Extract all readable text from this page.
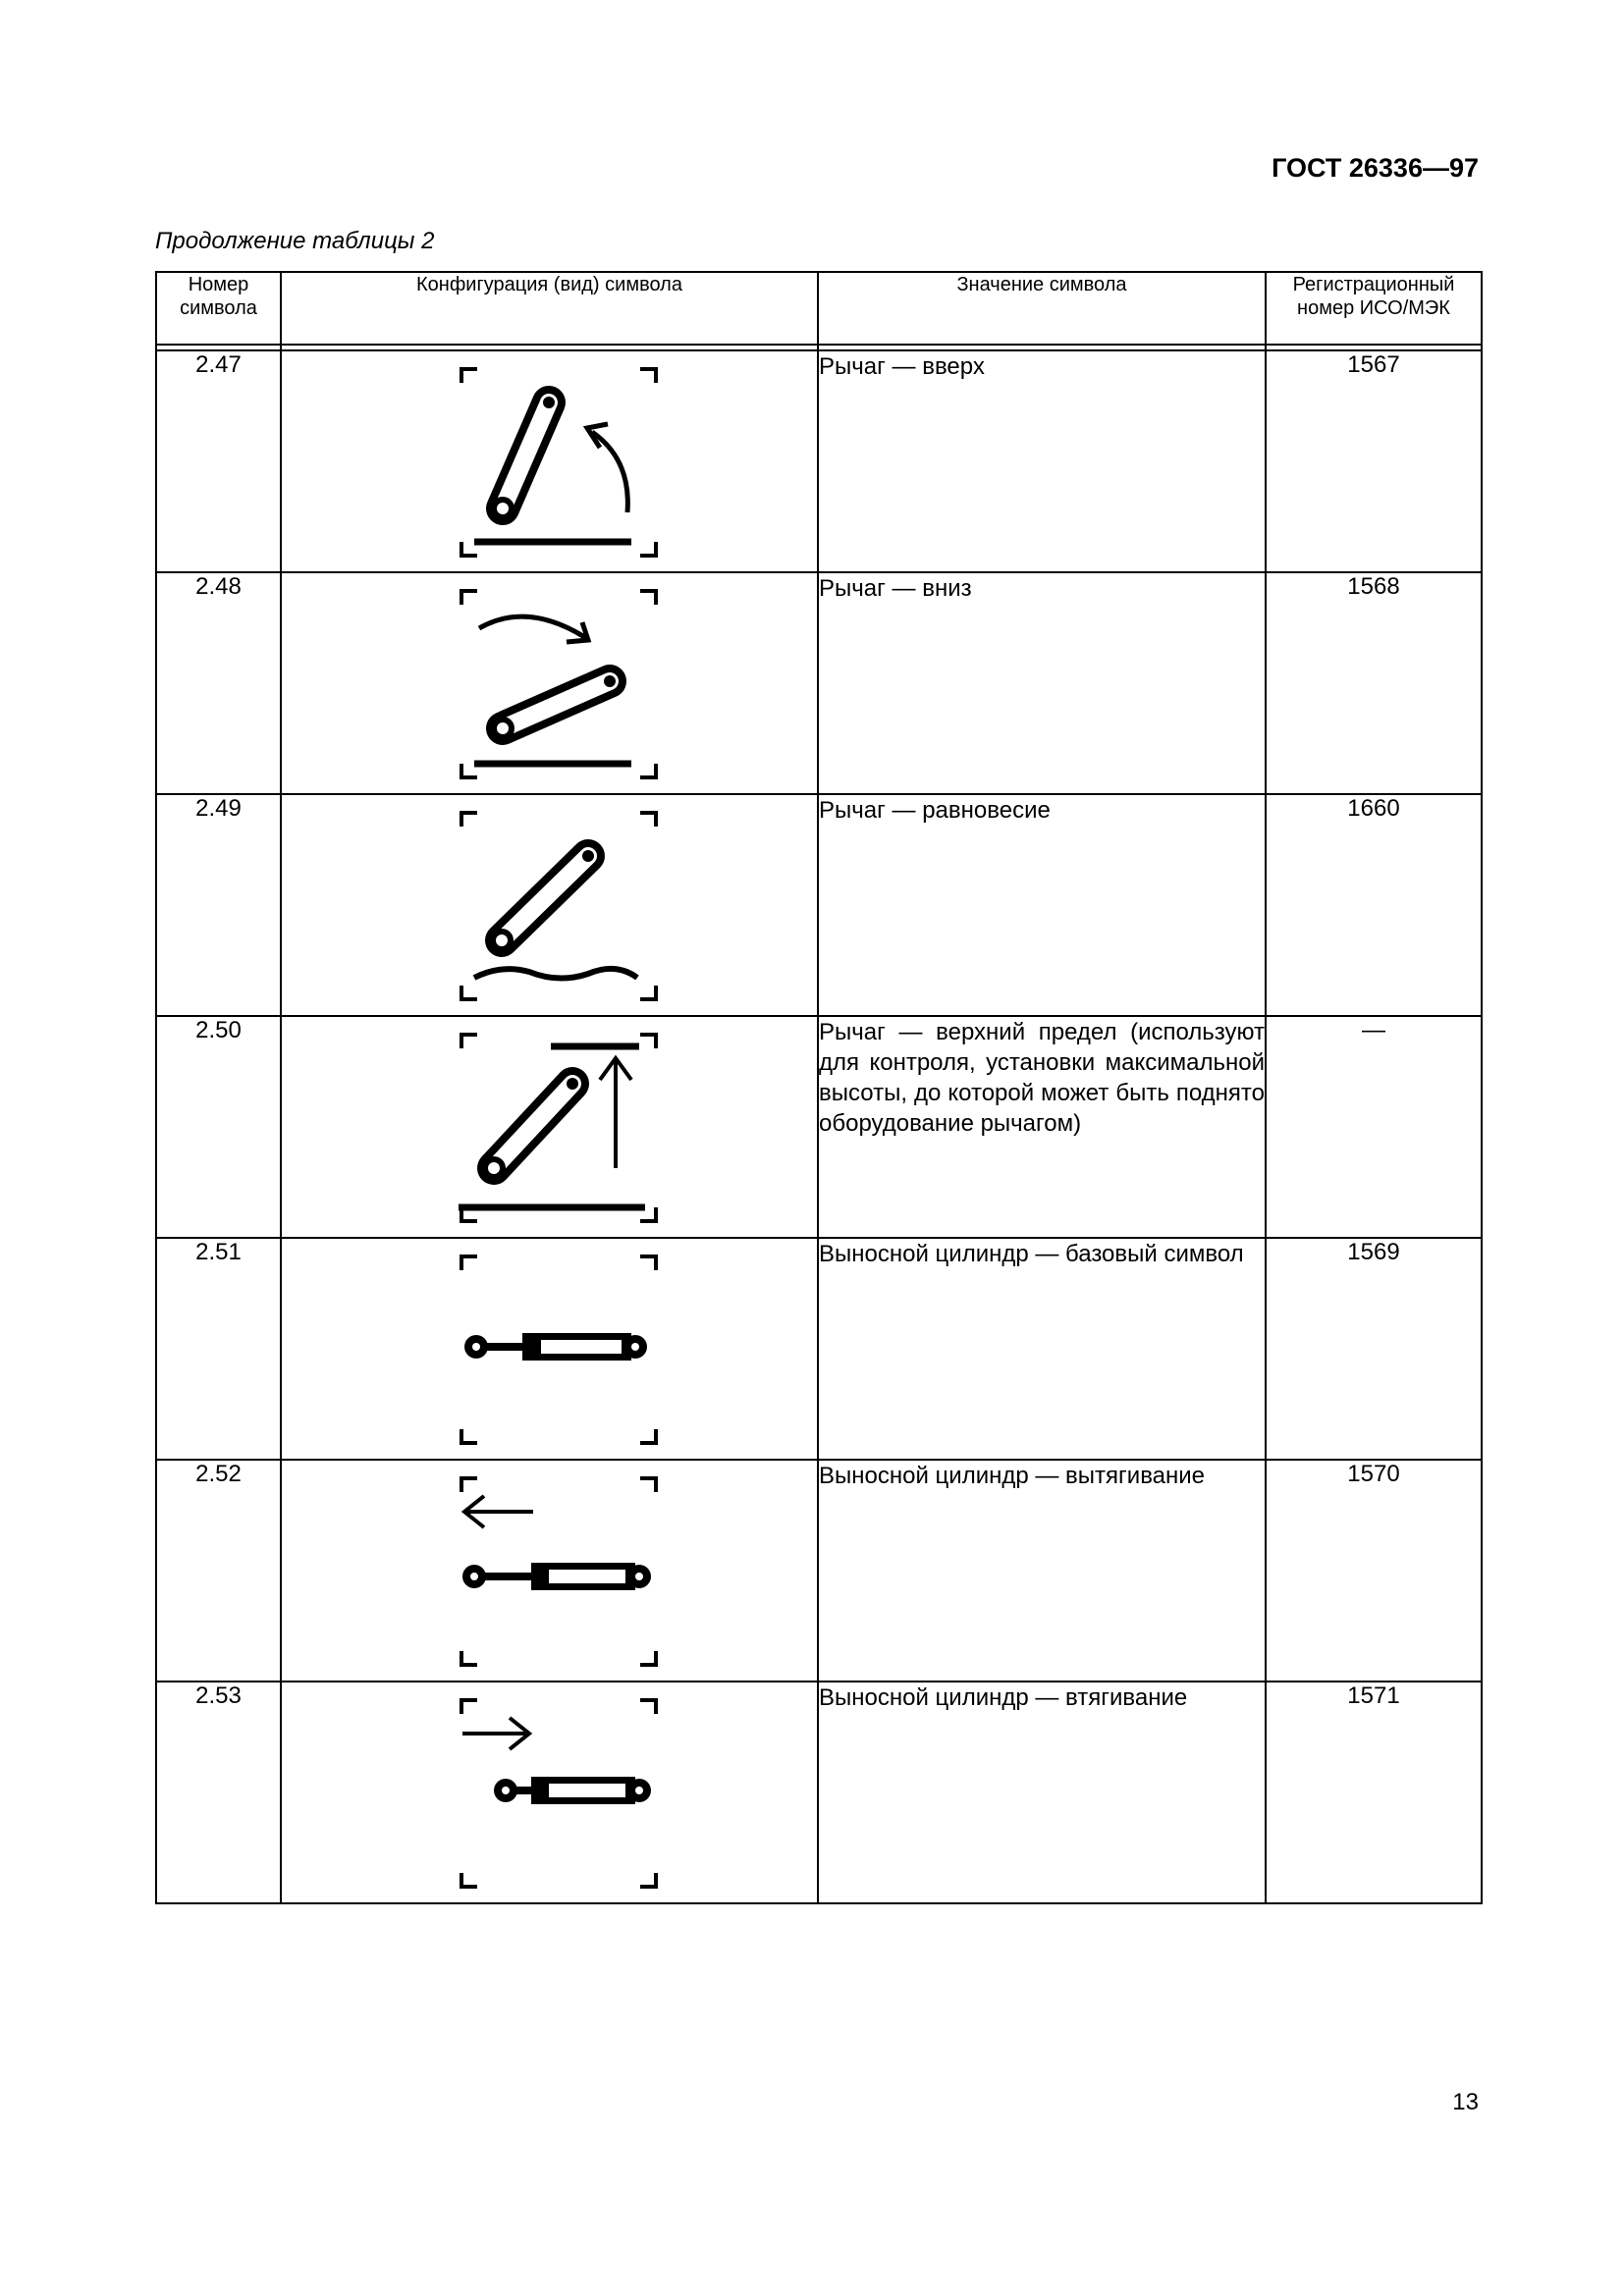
ГОСТ 26336—97
Продолжение таблицы 2
Номер символа	Конфигурация (вид) символа	Значение символа	Регистрационный номер ИСО/МЭК

2.47		Рычаг — вверх	1567
2.48		Рычаг — вниз	1568
2.49		Рычаг — равновесие	1660
2.50		Рычаг — верхний предел (используют для контроля, установки максимальной высоты, до которой может быть поднято оборудование рычагом)	—
2.51		Выносной цилиндр — базовый символ	1569
2.52		Выносной цилиндр — вытягивание	1570
2.53		Выносной цилиндр — втягивание	1571
13
